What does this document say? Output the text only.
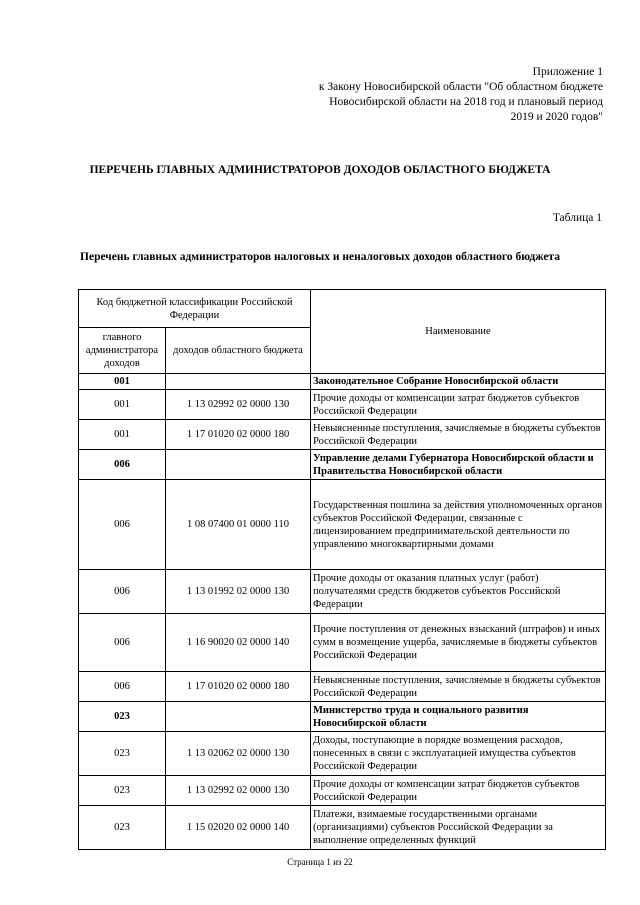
Приложение 1
к Закону Новосибирской области "Об областном бюджете
Новосибирской области на 2018 год и плановый период
2019 и 2020 годов"
ПЕРЕЧЕНЬ ГЛАВНЫХ АДМИНИСТРАТОРОВ ДОХОДОВ ОБЛАСТНОГО БЮДЖЕТА
Таблица 1
Перечень главных администраторов налоговых и неналоговых доходов областного бюджета
Код бюджетной классификации Российской Федерации		Наименование
главного администратора доходов	доходов областного бюджета	
001		Законодательное Собрание Новосибирской области
001	1 13 02992 02 0000 130	Прочие доходы от компенсации затрат бюджетов субъектов Российской Федерации
001	1 17 01020 02 0000 180	Невыясненные поступления, зачисляемые в бюджеты субъектов Российской Федерации
006		Управление делами Губернатора Новосибирской области и Правительства Новосибирской области
006	1 08 07400 01 0000 110	Государственная пошлина за действия уполномоченных органов субъектов Российской Федерации, связанные с лицензированием предпринимательской деятельности по управлению многоквартирными домами
006	1 13 01992 02 0000 130	Прочие доходы от оказания платных услуг (работ) получателями средств бюджетов субъектов Российской Федерации
006	1 16 90020 02 0000 140	Прочие поступления от денежных взысканий (штрафов) и иных сумм в возмещение ущерба, зачисляемые в бюджеты субъектов Российской Федерации
006	1 17 01020 02 0000 180	Невыясненные поступления, зачисляемые в бюджеты субъектов Российской Федерации
023		Министерство труда и социального развития Новосибирской области
023	1 13 02062 02 0000 130	Доходы, поступающие в порядке возмещения расходов, понесенных в связи с эксплуатацией имущества субъектов Российской Федерации
023	1 13 02992 02 0000 130	Прочие доходы от компенсации затрат бюджетов субъектов Российской Федерации
023	1 15 02020 02 0000 140	Платежи, взимаемые государственными органами (организациями) субъектов Российской Федерации за выполнение определенных функций
Страница 1 из 22
